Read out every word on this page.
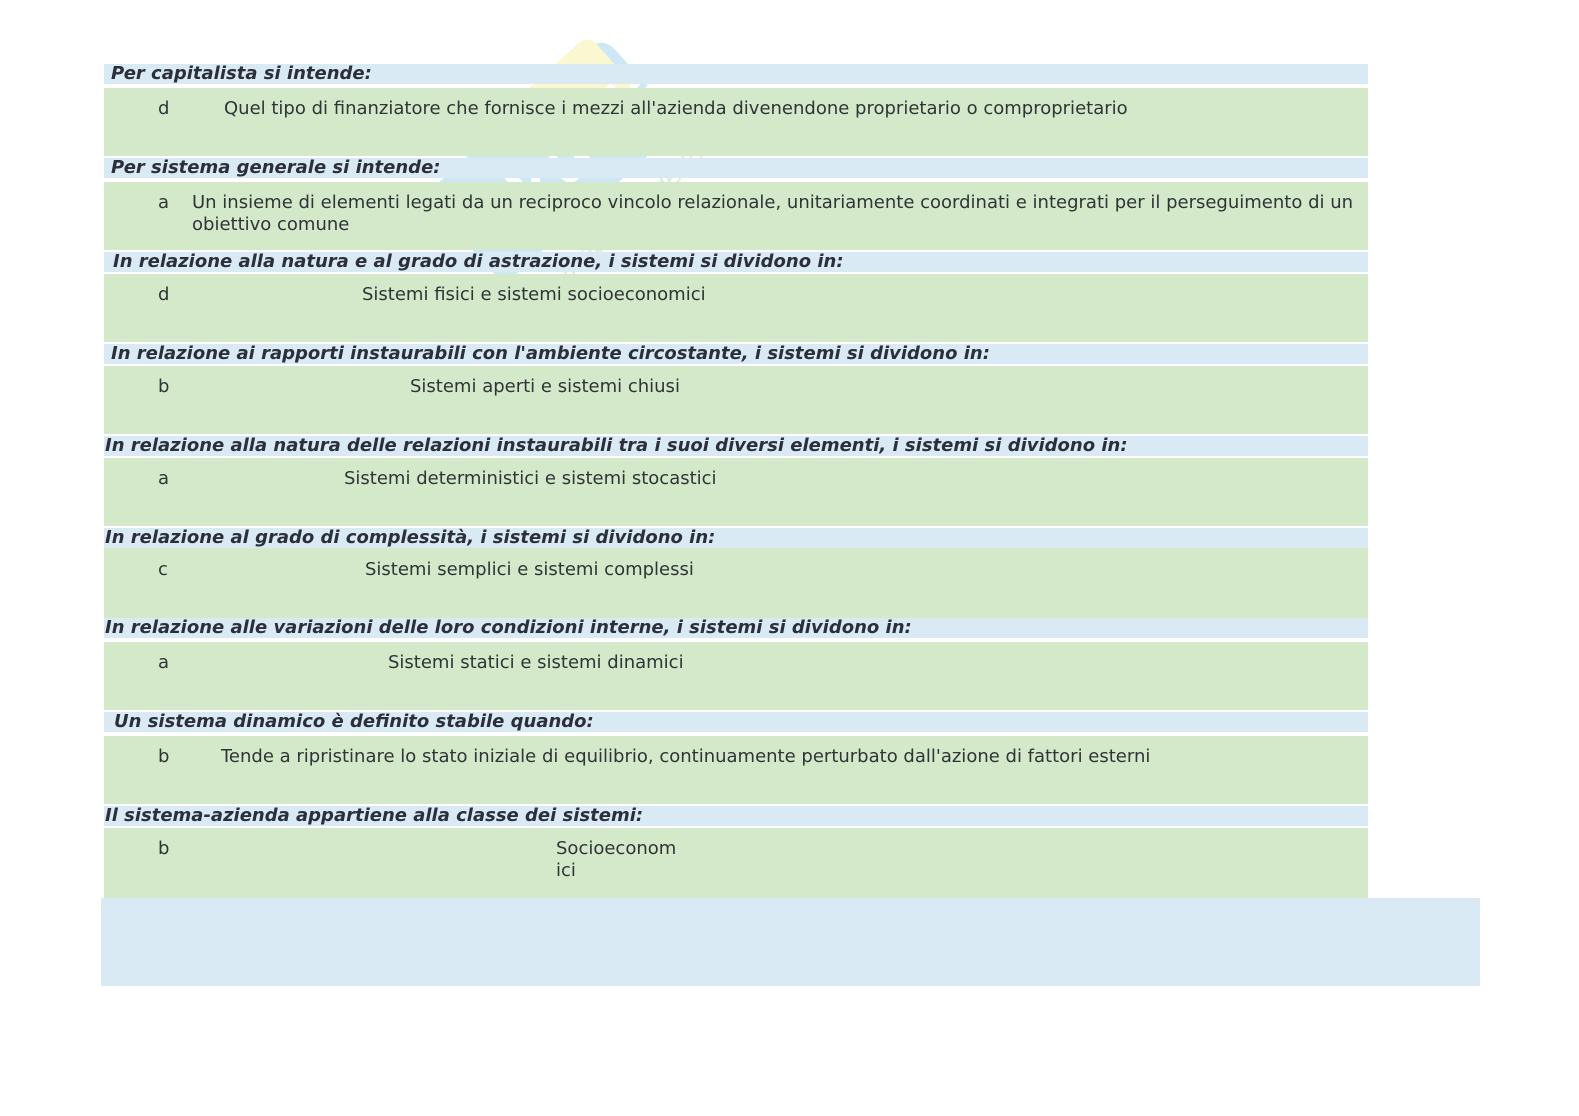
Per capitalista si intende:
d	Quel tipo di finanziatore che fornisce i mezzi all'azienda divenendone proprietario o comproprietario
Per sistema generale si intende:
a Un insieme di elementi legati da un reciproco vincolo relazionale, unitariamente coordinati e integrati per il perseguimento di un obiettivo comune
In relazione alla natura e al grado di astrazione, i sistemi si dividono in:
d	Sistemi fisici e sistemi socioeconomici
In relazione ai rapporti instaurabili con l'ambiente circostante, i sistemi si dividono in:
b	Sistemi aperti e sistemi chiusi
In relazione alla natura delle relazioni instaurabili tra i suoi diversi elementi, i sistemi si dividono in:
a	Sistemi deterministici e sistemi stocastici
In relazione al grado di complessità, i sistemi si dividono in:
c	Sistemi semplici e sistemi complessi
In relazione alle variazioni delle loro condizioni interne, i sistemi si dividono in:
a	Sistemi statici e sistemi dinamici
Un sistema dinamico è definito stabile quando:
b	Tende a ripristinare lo stato iniziale di equilibrio, continuamente perturbato dall'azione di fattori esterni
Il sistema-azienda appartiene alla classe dei sistemi:
b	Socioeconom ici
